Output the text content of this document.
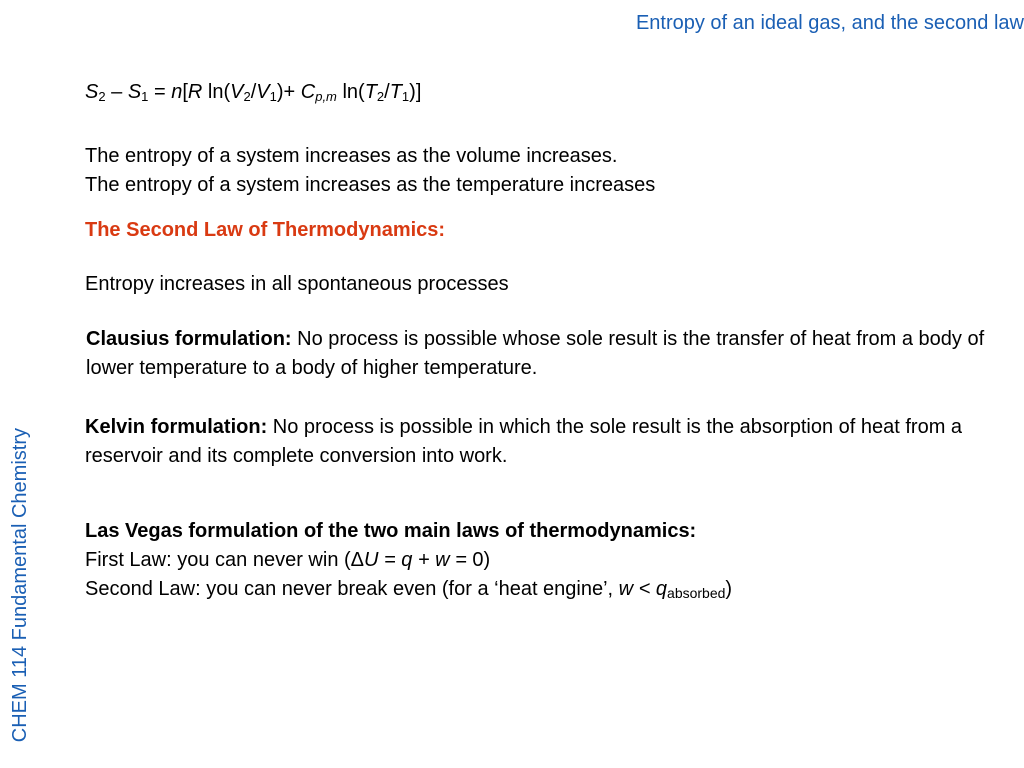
Entropy of an ideal gas, and the second law
CHEM 114 Fundamental Chemistry
$S_2 - S_1 = n[R$ $\ln(V_2/V_1)+ C_{p,m}$ $\ln(T_2/T_1)$]
The entropy of a system increases as the volume increases.
The entropy of a system increases as the temperature increases
The Second Law of Thermodynamics:
Entropy increases in all spontaneous processes
Clausius formulation: No process is possible whose sole result is the transfer of heat from a body of lower temperature to a body of higher temperature.
Kelvin formulation: No process is possible in which the sole result is the absorption of heat from a reservoir and its complete conversion into work.
Las Vegas formulation of the two main laws of thermodynamics:
First Law: you can never win (ΔU = q + w = 0)
Second Law: you can never break even (for a ‘heat engine’, $w < q_{absorbed}$)
